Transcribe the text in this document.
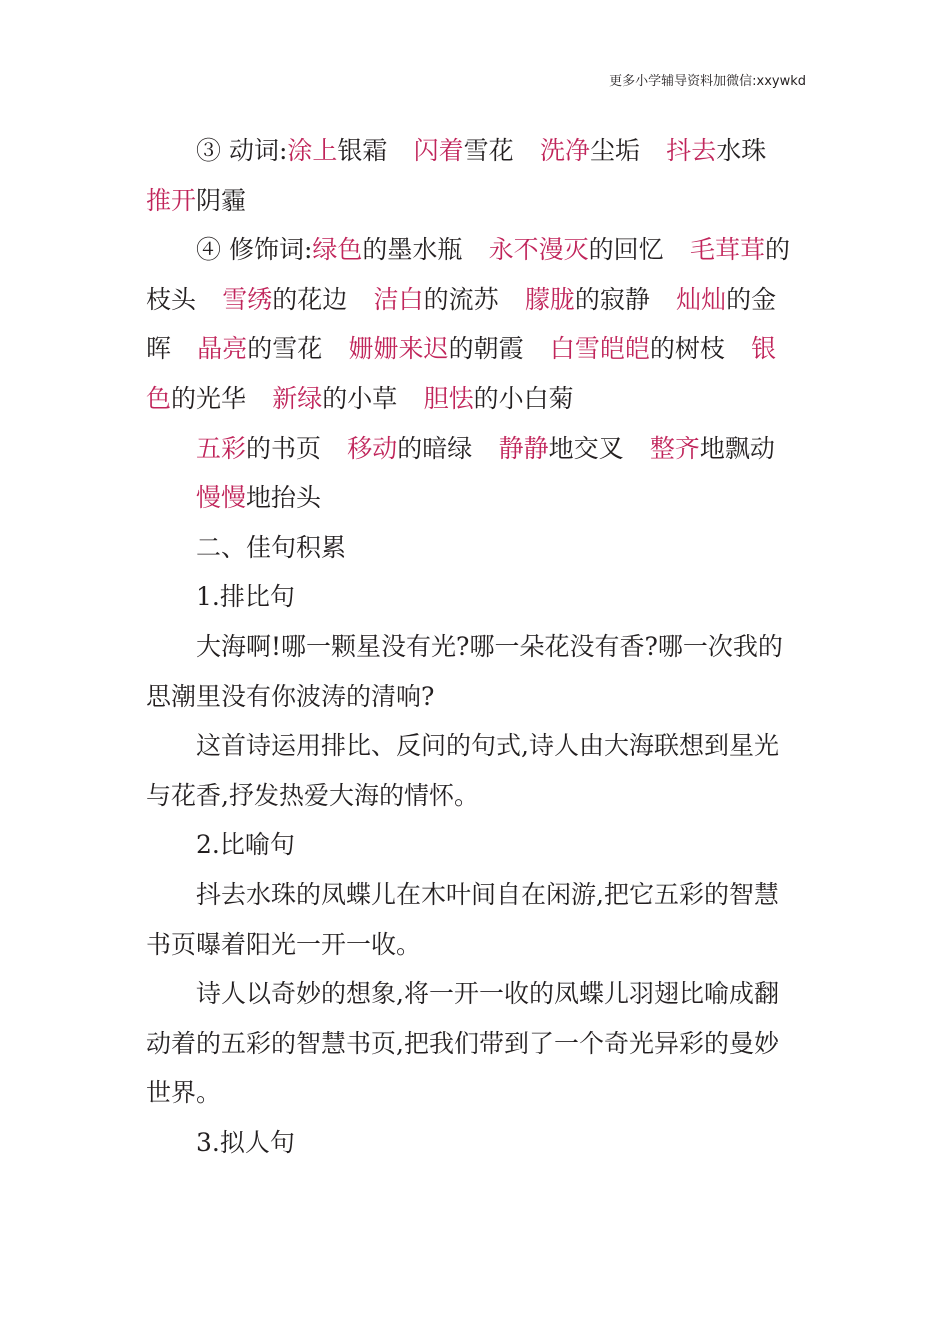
更多小学辅导资料加微信:xxywkd

③ 动词:涂上银霜 闪着雪花 洗净尘垢 抖去水珠

推开阴霾

④ 修饰词:绿色的墨水瓶 永不漫灭的回忆 毛茸茸的

枝头 雪绣的花边 洁白的流苏 朦胧的寂静 灿灿的金

晖 晶亮的雪花 姗姗来迟的朝霞 白雪皑皑的树枝 银

色的光华 新绿的小草 胆怯的小白菊

五彩的书页 移动的暗绿 静静地交叉 整齐地飘动

慢慢地抬头

二、佳句积累

1.排比句

大海啊!哪一颗星没有光?哪一朵花没有香?哪一次我的

思潮里没有你波涛的清响?

这首诗运用排比、反问的句式,诗人由大海联想到星光

与花香,抒发热爱大海的情怀。

2.比喻句

抖去水珠的凤蝶儿在木叶间自在闲游,把它五彩的智慧

书页曝着阳光一开一收。

诗人以奇妙的想象,将一开一收的凤蝶儿羽翅比喻成翻

动着的五彩的智慧书页,把我们带到了一个奇光异彩的曼妙

世界。

3.拟人句
